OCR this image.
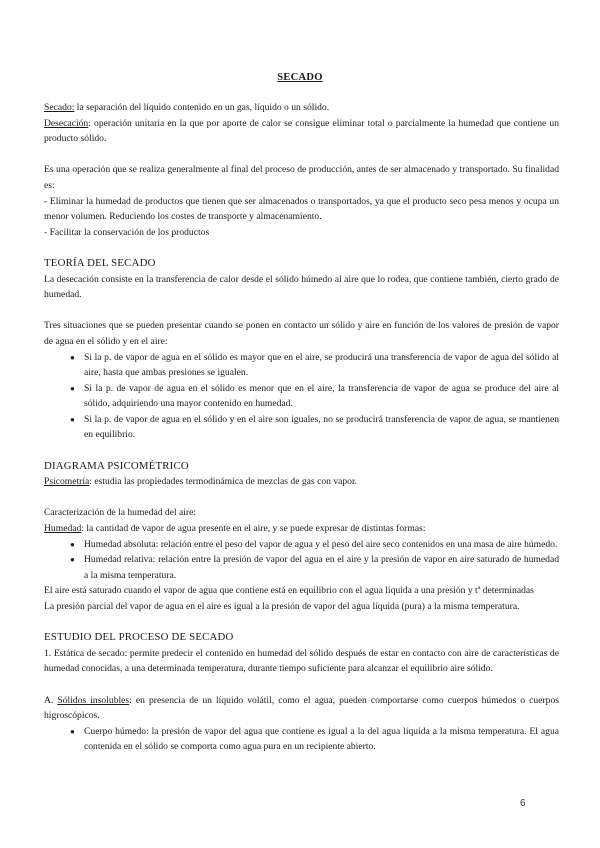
SECADO

Secado: la separación del líquido contenido en un gas, líquido o un sólido.

Desecación: operación unitaria en la que por aporte de calor se consigue eliminar total o parcialmente la humedad que contiene un producto sólido.

Es una operación que se realiza generalmente al final del proceso de producción, antes de ser almacenado y transportado. Su finalidad es:

- Eliminar la humedad de productos que tienen que ser almacenados o transportados, ya que el producto seco pesa menos y ocupa un menor volumen. Reduciendo los costes de transporte y almacenamiento.

- Facilitar la conservación de los productos

TEORÍA DEL SECADO

La desecación consiste en la transferencia de calor desde el sólido húmedo al aire que lo rodea, que contiene también, cierto grado de humedad.

Tres situaciones que se pueden presentar cuando se ponen en contacto un sólido y aire en función de los valores de presión de vapor de agua en el sólido y en el aire:

● Si la p. de vapor de agua en el sólido es mayor que en el aire, se producirá una transferencia de vapor de agua del sólido al aire, hasta que ambas presiones se igualen.
● Si la p. de vapor de agua en el sólido es menor que en el aire, la transferencia de vapor de agua se produce del aire al sólido, adquiriendo una mayor contenido en humedad.
● Si la p. de vapor de agua en el sólido y en el aire son iguales, no se producirá transferencia de vapor de agua, se mantienen en equilibrio.

DIAGRAMA PSICOMÉTRICO

Psicometría: estudia las propiedades termodinámica de mezclas de gas con vapor.

Caracterización de la humedad del aire:

Humedad: la cantidad de vapor de agua presente en el aire, y se puede expresar de distintas formas:

● Humedad absoluta: relación entre el peso del vapor de agua y el peso del aire seco contenidos en una masa de aire húmedo.
● Humedad relativa: relación entre la presión de vapor del agua en el aire y la presión de vapor en aire saturado de humedad a la misma temperatura.

El aire está saturado cuando el vapor de agua que contiene está en equilibrio con el agua líquida a una presión y tª determinadas

La presión parcial del vapor de agua en el aire es igual a la presión de vapor del agua líquida (pura) a la misma temperatura.

ESTUDIO DEL PROCESO DE SECADO

1. Estática de secado: permite predecir el contenido en humedad del sólido después de estar en contacto con aire de características de humedad conocidas, a una determinada temperatura, durante tiempo suficiente para alcanzar el equilibrio aire sólido.

A. Sólidos insolubles: en presencia de un líquido volátil, como el agua, pueden comportarse como cuerpos húmedos o cuerpos higroscópicos.

● Cuerpo húmedo: la presión de vapor del agua que contiene es igual a la del agua líquida a la misma temperatura. El agua contenida en el sólido se comporta como agua pura en un recipiente abierto.
6
